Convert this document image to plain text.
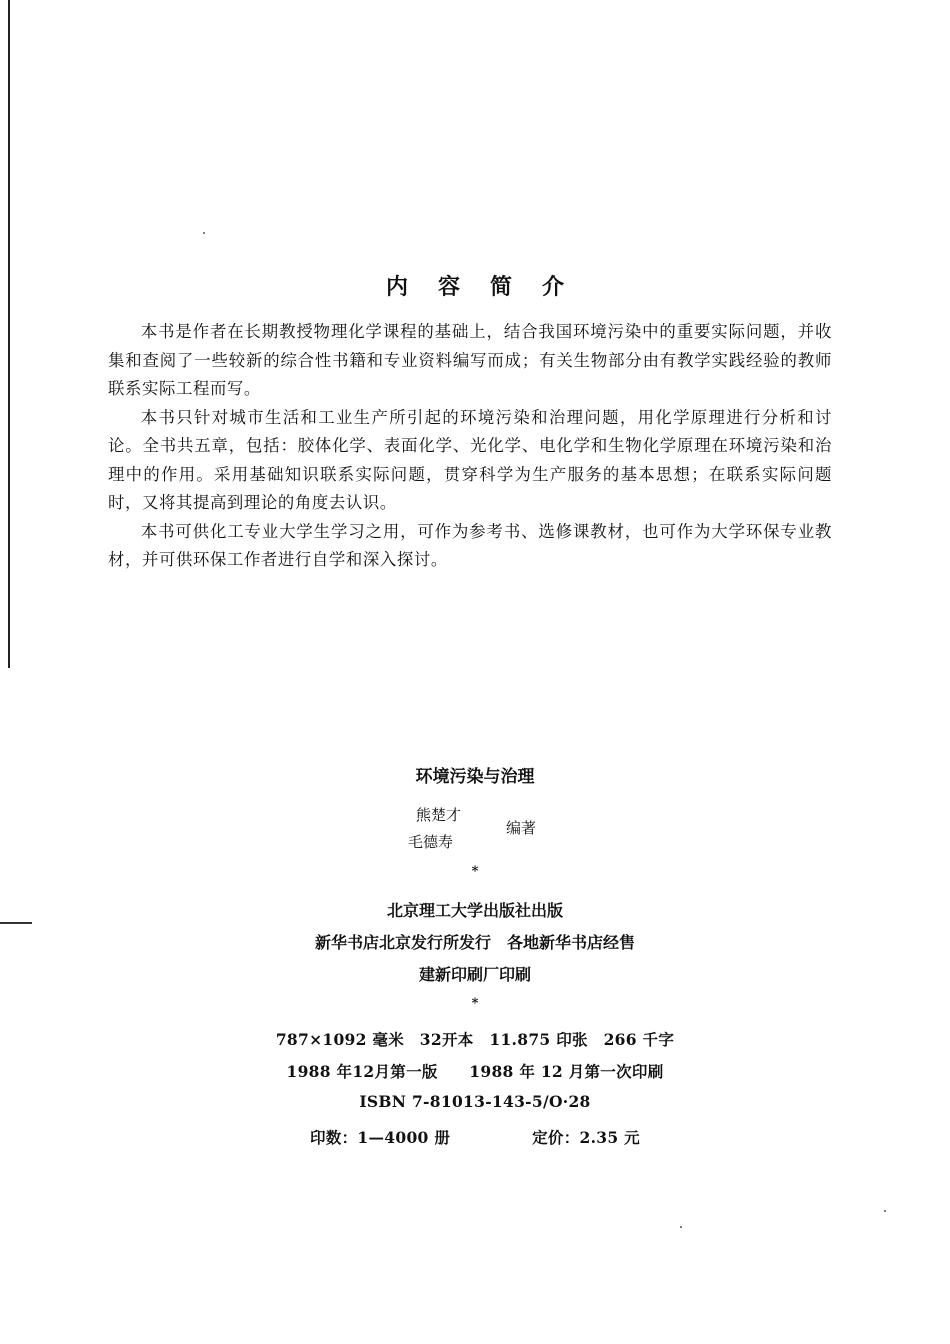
内容简介

本书是作者在长期教授物理化学课程的基础上，结合我国环境污染中的重要实际问题，并收集和查阅了一些较新的综合性书籍和专业资料编写而成；有关生物部分由有教学实践经验的教师联系实际工程而写。

本书只针对城市生活和工业生产所引起的环境污染和治理问题，用化学原理进行分析和讨论。全书共五章，包括：胶体化学、表面化学、光化学、电化学和生物化学原理在环境污染和治理中的作用。采用基础知识联系实际问题，贯穿科学为生产服务的基本思想；在联系实际问题时，又将其提高到理论的角度去认识。

本书可供化工专业大学生学习之用，可作为参考书、选修课教材，也可作为大学环保专业教材，并可供环保工作者进行自学和深入探讨。

环境污染与治理
熊楚才
毛德寿
编著
*
北京理工大学出版社出版
新华书店北京发行所发行　各地新华书店经售
建新印刷厂印刷
*
787×1092 毫米　32开本　11.875 印张　266 千字
1988 年12月第一版　　1988 年 12 月第一次印刷
ISBN 7-81013-143-5/O·28
印数：1—4000 册	定价：2.35 元
